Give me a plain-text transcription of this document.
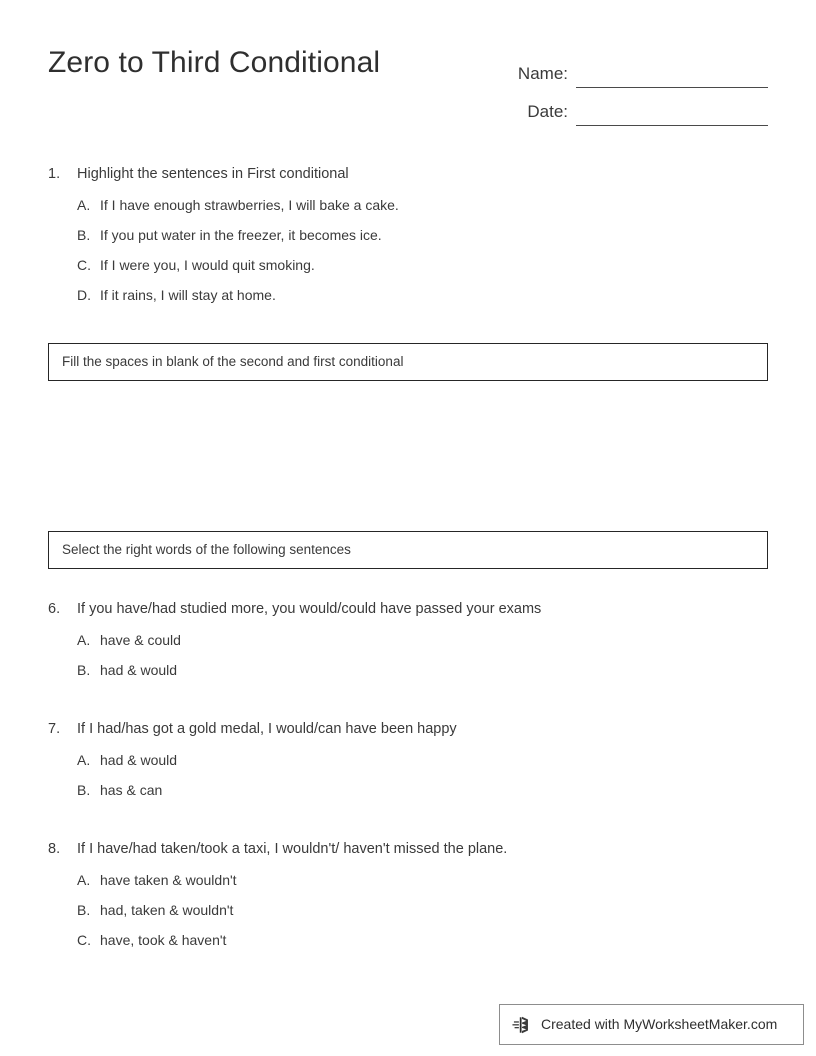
Zero to Third Conditional	Name:
Date:
1.	Highlight the sentences in First conditional
A. If I have enough strawberries, I will bake a cake.
B. If you put water in the freezer, it becomes ice.
C. If I were you, I would quit smoking.
D. If it rains, I will stay at home.
Fill the spaces in blank of the second and first conditional
Select the right words of the following sentences
6.	If you have/had studied more, you would/could have passed your exams
A. have & could
B. had & would
7.	If I had/has got a gold medal, I would/can have been happy
A. had & would
B. has & can
8.	If I have/had taken/took a taxi, I wouldn't/ haven't missed the plane.
A. have taken & wouldn't
B. had, taken & wouldn't
C. have, took & haven't
Created with MyWorksheetMaker.com
